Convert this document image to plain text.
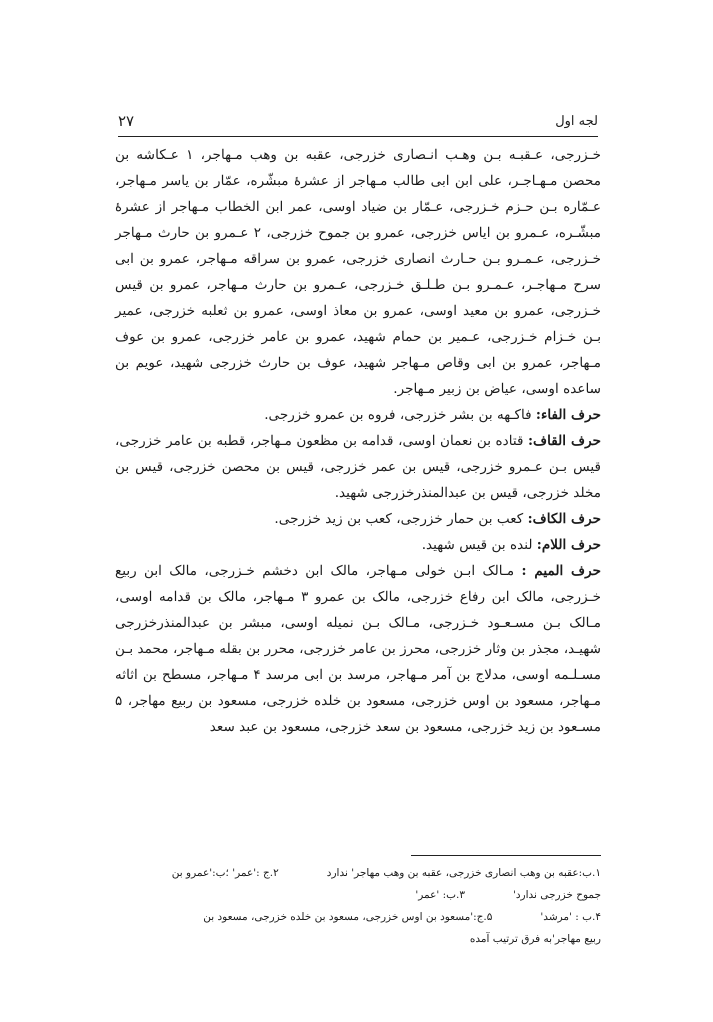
لجه اول
۲۷

خـزرجی، عـقبـه بـن وهـب انـصاری خزرجی، عقبه بن وهب مـهاجر، ۱ عـکاشه بن محصن مـهـاجـر، علی ابن ابی طالب مـهاجر از عشرهٔ مبشّره، عمّار بن یاسر مـهاجر، عـمّاره بـن حـزم خـزرجی، عـمّار بن ضیاد اوسی، عمر ابن الخطاب مـهاجر از عشرهٔ مبشّـره، عـمرو بن ایاس خزرجی، عمرو بن جموح خزرجی، ۲ عـمرو بن حارث مـهاجر خـزرجی، عـمـرو بـن حـارث انصاری خزرجی، عمرو بن سراقه مـهاجر، عمرو بن ابی سرح مـهاجـر، عـمـرو بـن طـلـق خـزرجی، عـمرو بن حارث مـهاجر، عمرو بن قیس خـزرجی، عمرو بن معید اوسی، عمرو بن معاذ اوسی، عمرو بن ثعلبه خزرجی، عمیر بـن خـزام خـزرجی، عـمیر بن حمام شهید، عمرو بن عامر خزرجی، عمرو بن عوف مـهاجر، عمرو بن ابی وقاص مـهاجر شهید، عوف بن حارث خزرجی شهید، عویم بن ساعده اوسی، عیاض بن زبیر مـهاجر.

حرف الفاء: فاکـهه بن بشر خزرجی، فروه بن عمرو خزرجی.

حرف القاف: قتاده بن نعمان اوسی، قدامه بن مظعون مـهاجر، قطبه بن عامر خزرجی، قیس بـن عـمرو خزرجی، قیس بن عمر خزرجی، قیس بن محصن خزرجی، قیس بن مخلد خزرجی، قیس بن عبدالمنذرخزرجی شهید.

حرف الکاف: کعب بن حمار خزرجی، کعب بن زید خزرجی.

حرف اللام: لنده بن قیس شهید.

حرف المیم : مـالک ابـن خولی مـهاجر، مالک ابن دخشم خـزرجی، مالک ابن ربیع خـزرجی، مالک ابن رفاع خزرجی، مالک بن عمرو ۳ مـهاجر، مالک بن قدامه اوسی، مـالک بـن مسـعـود خـزرجی، مـالک بـن نمیله اوسی، مبشر بن عبدالمنذرخزرجی شهیـد، مجذر بن وثار خزرجی، محرز بن عامر خزرجی، محرر بن بقله مـهاجر، محمد بـن مسـلـمه اوسی، مدلاج بن آمر مـهاجر، مرسد بن ابی مرسد ۴ مـهاجر، مسطح بن اثاثه مـهاجر، مسعود بن اوس خزرجی، مسعود بن خلده خزرجی، مسعود بن ربیع مهاجر، ۵ مسـعود بن زید خزرجی، مسعود بن سعد خزرجی، مسعود بن عبد سعد

۱.ب:عقبه بن وهب انصاری خزرجی، عقبه بن وهب مهاجر' ندارد۲.ج :'عمر' ؛ب:'عمرو بن
جموح خزرجی ندارد'۳.ب: 'عمر'
۴.ب : 'مرشد'۵.ج:'مسعود بن اوس خزرجی، مسعود بن خلده خزرجی، مسعود بن
ربیع مهاجر'به فرق ترتیب آمده
